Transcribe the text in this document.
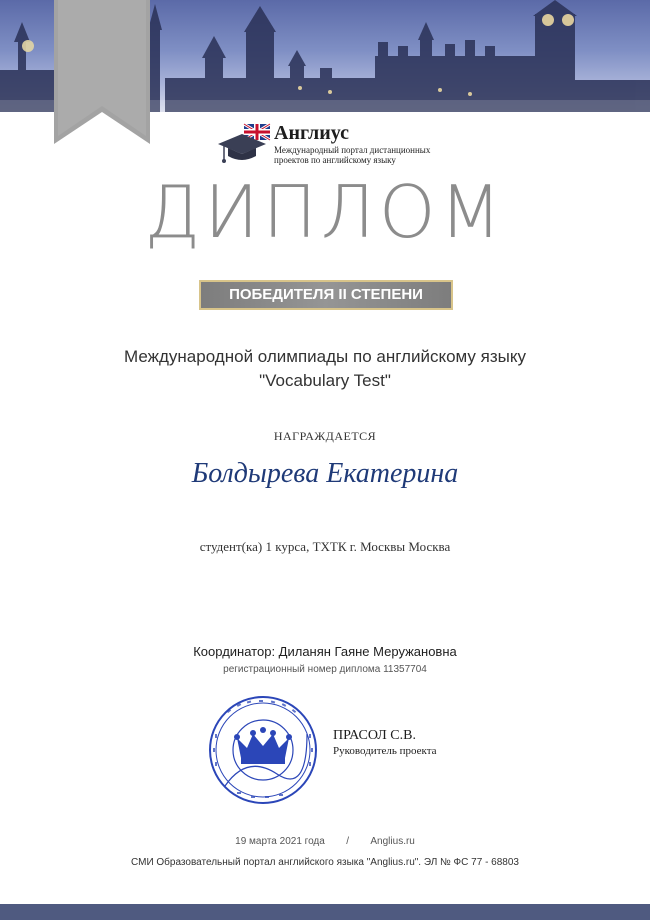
Англиус
Международный портал дистанционных проектов по английскому языку
ДИПЛОМ
ПОБЕДИТЕЛЯ II СТЕПЕНИ
Международной олимпиады по английскому языку
"Vocabulary Test"
НАГРАЖДАЕТСЯ
Болдырева Екатерина
студент(ка) 1 курса, ТХТК г. Москвы Москва
Координатор: Диланян Гаяне Меружановна
регистрационный номер диплома 11357704
ПРАСОЛ С.В.
Руководитель проекта
19 марта 2021 года / Anglius.ru
СМИ Образовательный портал английского языка "Anglius.ru". ЭЛ № ФС 77 - 68803
